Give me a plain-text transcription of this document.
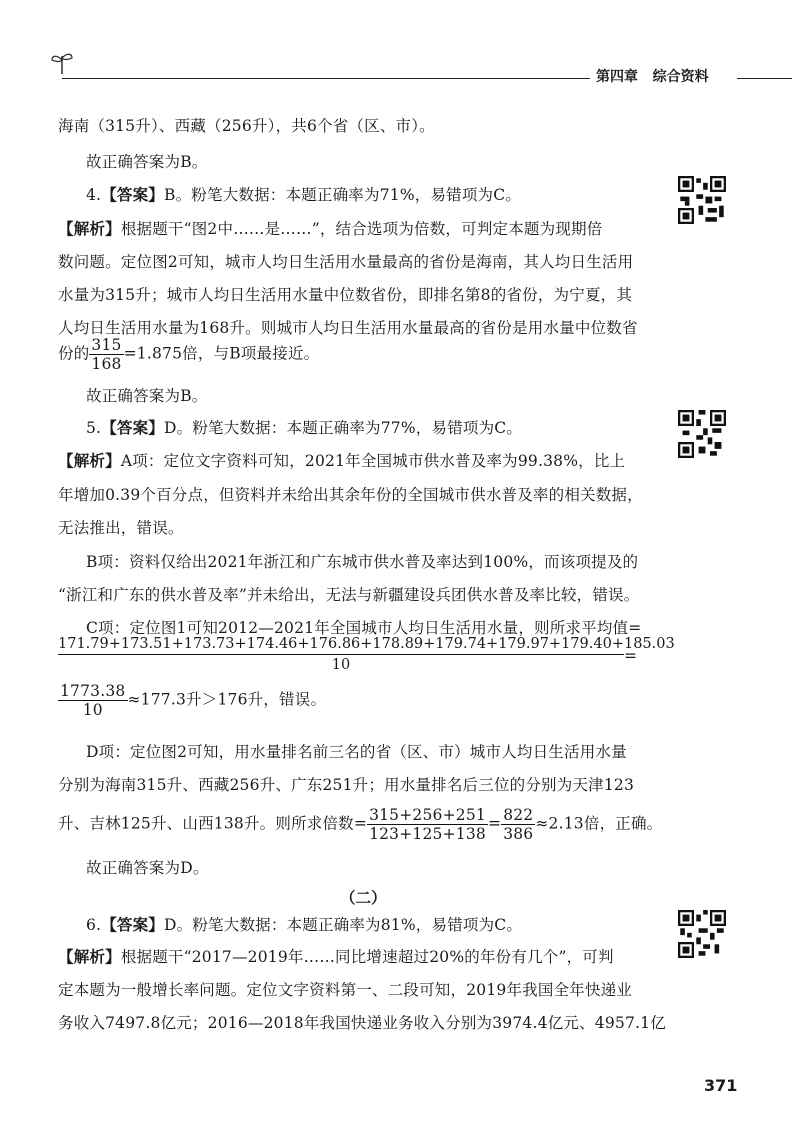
第四章 综合资料
海南（315升）、西藏（256升），共6个省（区、市）。
故正确答案为B。
4.【答案】B。粉笔大数据：本题正确率为71%，易错项为C。
【解析】根据题干“图2中……是……”，结合选项为倍数，可判定本题为现期倍
数问题。定位图2可知，城市人均日生活用水量最高的省份是海南，其人均日生活用
水量为315升；城市人均日生活用水量中位数省份，即排名第8的省份，为宁夏，其
人均日生活用水量为168升。则城市人均日生活用水量最高的省份是用水量中位数省
份的 $\frac{315}{168} =1.875$倍，与B项最接近。
故正确答案为B。
5.【答案】D。粉笔大数据：本题正确率为77%，易错项为C。
【解析】A项：定位文字资料可知，2021年全国城市供水普及率为99.38%，比上
年增加0.39个百分点，但资料并未给出其余年份的全国城市供水普及率的相关数据，
无法推出，错误。
B项：资料仅给出2021年浙江和广东城市供水普及率达到100%，而该项提及的
“浙江和广东的供水普及率”并未给出，无法与新疆建设兵团供水普及率比较，错误。
C项：定位图1可知2012—2021年全国城市人均日生活用水量，则所求平均值=
171.79+173.51+173.73+174.46+176.86+178.89+179.74+179.97+179.40+185.03
10	=
$\frac{1773.38}{10} \approx 177.3$升＞176升，错误。
D项：定位图2可知，用水量排名前三名的省（区、市）城市人均日生活用水量
分别为海南315升、西藏256升、广东251升；用水量排名后三位的分别为天津123
升、吉林125升、山西138升。则所求倍数= $\frac{315+256+251}{123+125+138} = \frac{822}{386} \approx 2.13$倍，正确。
故正确答案为D。
（二）
6.【答案】D。粉笔大数据：本题正确率为81%，易错项为C。
【解析】根据题干“2017—2019年……同比增速超过20%的年份有几个”，可判
定本题为一般增长率问题。定位文字资料第一、二段可知，2019年我国全年快递业
务收入7497.8亿元；2016—2018年我国快递业务收入分别为3974.4亿元、4957.1亿
371
